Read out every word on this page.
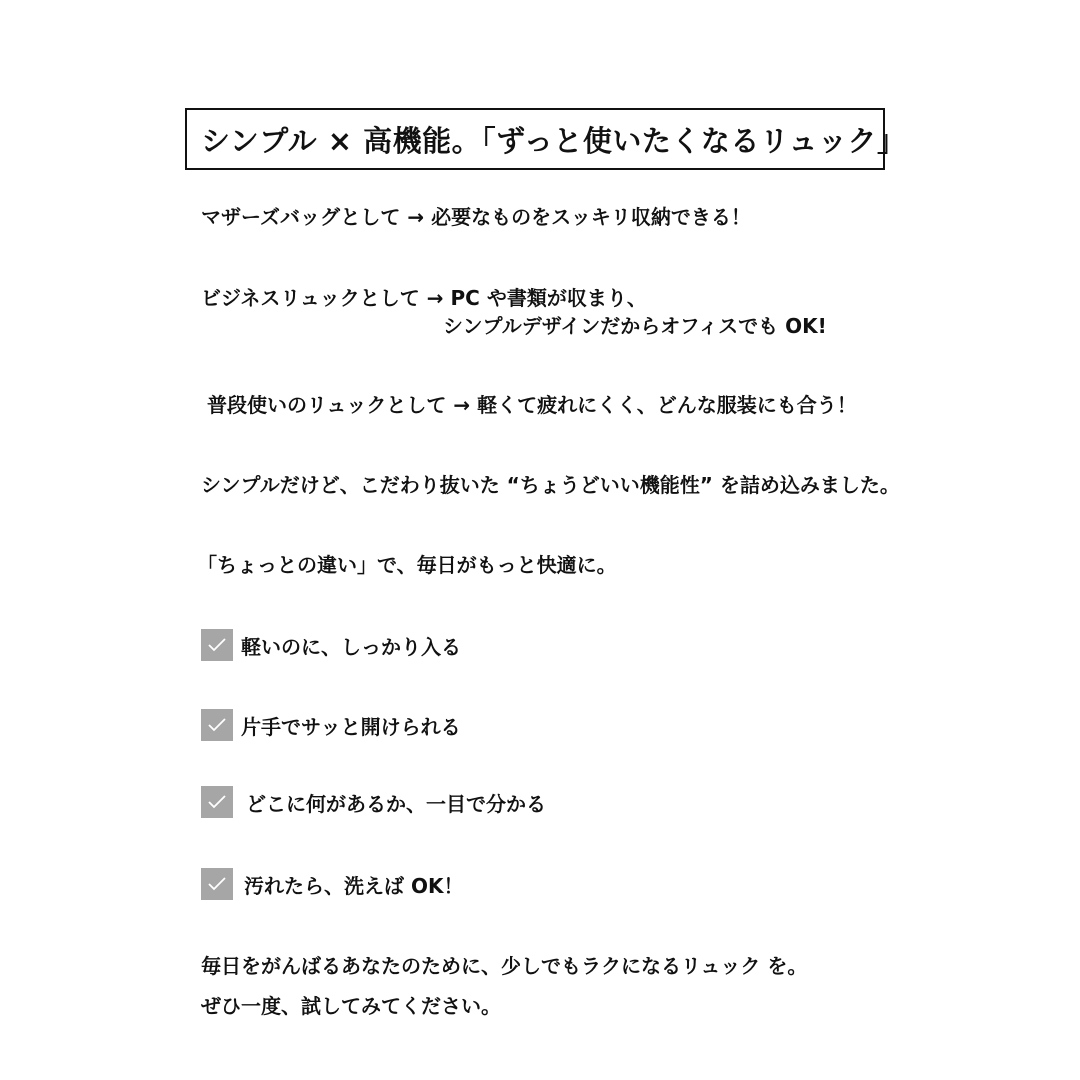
シンプル × 高機能。「ずっと使いたくなるリュック」
マザーズバッグとして → 必要なものをスッキリ収納できる！
ビジネスリュックとして → PC や書類が収まり、
シンプルデザインだからオフィスでも OK!
普段使いのリュックとして → 軽くて疲れにくく、どんな服装にも合う！
シンプルだけど、こだわり抜いた “ちょうどいい機能性” を詰め込みました。
「ちょっとの違い」で、毎日がもっと快適に。
軽いのに、しっかり入る
片手でサッと開けられる
どこに何があるか、一目で分かる
汚れたら、洗えば OK！
毎日をがんばるあなたのために、少しでもラクになるリュック を。
ぜひ一度、試してみてください。
